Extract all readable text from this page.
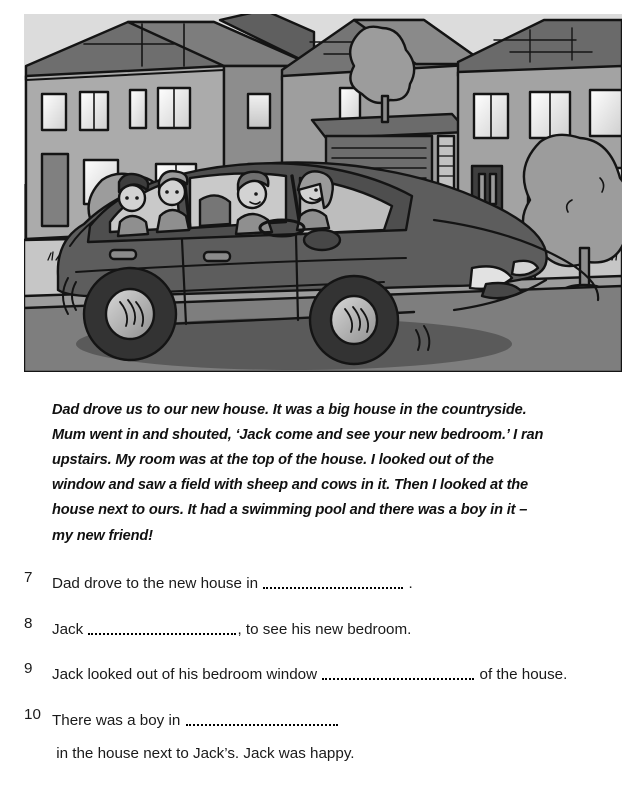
Dad drove us to our new house. It was a big house in the countryside. Mum went in and shouted, ‘Jack come and see your new bedroom.’ I ran upstairs. My room was at the top of the house. I looked out of the window and saw a field with sheep and cows in it. Then I looked at the house next to ours. It had a swimming pool and there was a boy in it – my new friend!

7	Dad drove to the new house in	.
8	Jack	, to see his new bedroom.
9	Jack looked out of his bedroom window	of the house.
10 There was a boy in  in the house next to Jack’s. Jack was happy.
